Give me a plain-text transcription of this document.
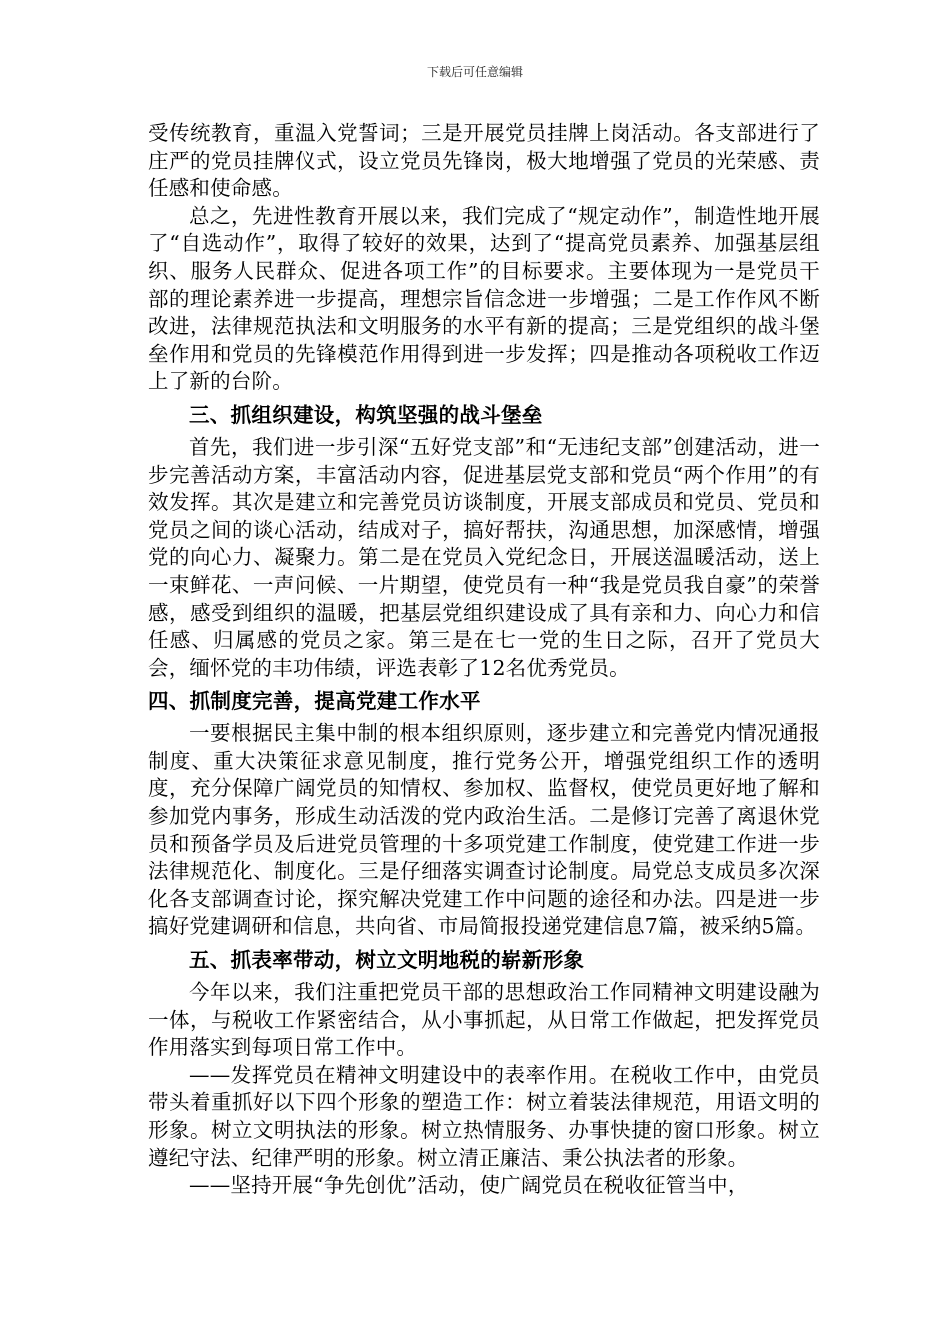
下载后可任意编辑

受传统教育，重温入党誓词；三是开展党员挂牌上岗活动。各支部进行了庄严的党员挂牌仪式，设立党员先锋岗，极大地增强了党员的光荣感、责任感和使命感。

总之，先进性教育开展以来，我们完成了“规定动作”，制造性地开展了“自选动作”，取得了较好的效果，达到了“提高党员素养、加强基层组织、服务人民群众、促进各项工作”的目标要求。主要体现为一是党员干部的理论素养进一步提高，理想宗旨信念进一步增强；二是工作作风不断改进，法律规范执法和文明服务的水平有新的提高；三是党组织的战斗堡垒作用和党员的先锋模范作用得到进一步发挥；四是推动各项税收工作迈上了新的台阶。

三、抓组织建设，构筑坚强的战斗堡垒

首先，我们进一步引深“五好党支部”和“无违纪支部”创建活动，进一步完善活动方案，丰富活动内容，促进基层党支部和党员“两个作用”的有效发挥。其次是建立和完善党员访谈制度，开展支部成员和党员、党员和党员之间的谈心活动，结成对子，搞好帮扶，沟通思想，加深感情，增强党的向心力、凝聚力。第二是在党员入党纪念日，开展送温暖活动，送上一束鲜花、一声问候、一片期望，使党员有一种“我是党员我自豪”的荣誉感，感受到组织的温暖，把基层党组织建设成了具有亲和力、向心力和信任感、归属感的党员之家。第三是在七一党的生日之际，召开了党员大会，缅怀党的丰功伟绩，评选表彰了12名优秀党员。

四、抓制度完善，提高党建工作水平

一要根据民主集中制的根本组织原则，逐步建立和完善党内情况通报制度、重大决策征求意见制度，推行党务公开，增强党组织工作的透明度，充分保障广阔党员的知情权、参加权、监督权，使党员更好地了解和参加党内事务，形成生动活泼的党内政治生活。二是修订完善了离退休党员和预备学员及后进党员管理的十多项党建工作制度，使党建工作进一步法律规范化、制度化。三是仔细落实调查讨论制度。局党总支成员多次深化各支部调查讨论，探究解决党建工作中问题的途径和办法。四是进一步搞好党建调研和信息，共向省、市局简报投递党建信息7篇，被采纳5篇。

五、抓表率带动，树立文明地税的崭新形象

今年以来，我们注重把党员干部的思想政治工作同精神文明建设融为一体，与税收工作紧密结合，从小事抓起，从日常工作做起，把发挥党员作用落实到每项日常工作中。

——发挥党员在精神文明建设中的表率作用。在税收工作中，由党员带头着重抓好以下四个形象的塑造工作：树立着装法律规范，用语文明的形象。树立文明执法的形象。树立热情服务、办事快捷的窗口形象。树立遵纪守法、纪律严明的形象。树立清正廉洁、秉公执法者的形象。

——坚持开展“争先创优”活动，使广阔党员在税收征管当中，
